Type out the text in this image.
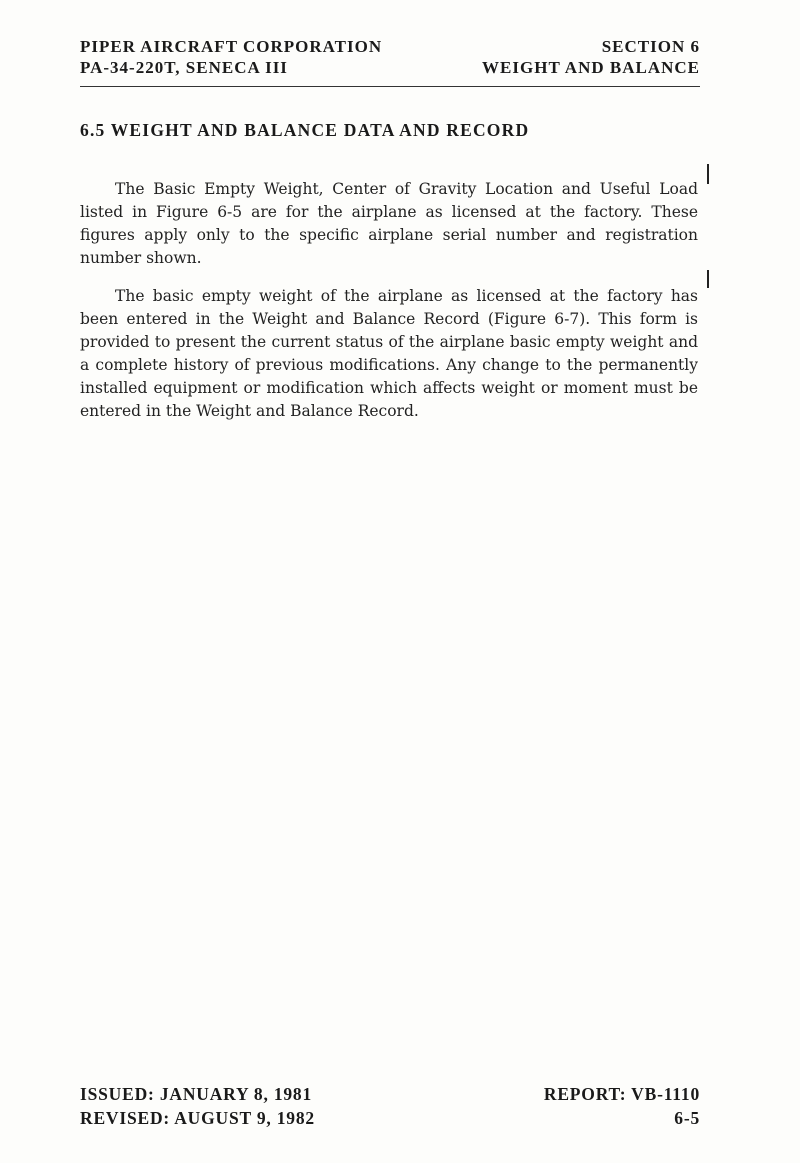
PIPER AIRCRAFT CORPORATION
PA-34-220T, SENECA III
SECTION 6
WEIGHT AND BALANCE
6.5 WEIGHT AND BALANCE DATA AND RECORD

The Basic Empty Weight, Center of Gravity Location and Useful Load listed in Figure 6-5 are for the airplane as licensed at the factory. These figures apply only to the specific airplane serial number and registration number shown.

The basic empty weight of the airplane as licensed at the factory has been entered in the Weight and Balance Record (Figure 6-7). This form is provided to present the current status of the airplane basic empty weight and a complete history of previous modifications. Any change to the permanently installed equipment or modification which affects weight or moment must be entered in the Weight and Balance Record.

ISSUED: JANUARY 8, 1981
REVISED: AUGUST 9, 1982
REPORT: VB-1110
6-5
